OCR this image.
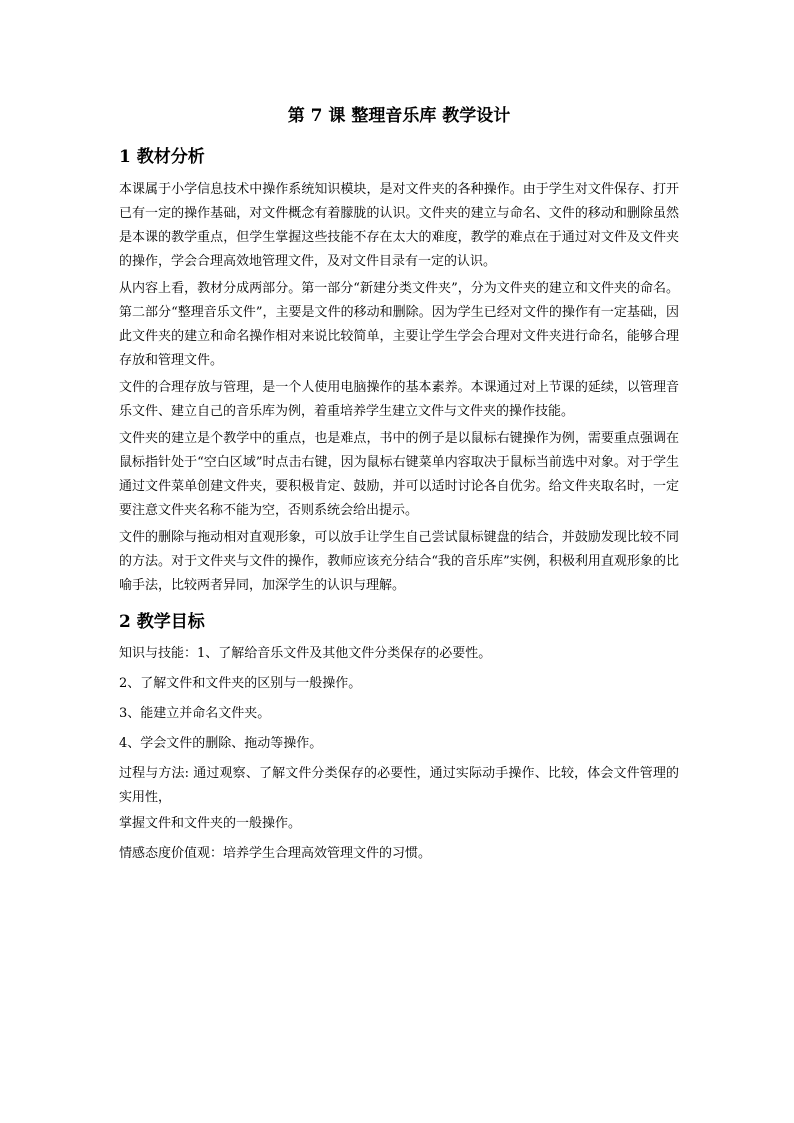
第 7 课 整理音乐库 教学设计
1 教材分析

本课属于小学信息技术中操作系统知识模块，是对文件夹的各种操作。由于学生对文件保存、打开已有一定的操作基础，对文件概念有着朦胧的认识。文件夹的建立与命名、文件的移动和删除虽然是本课的教学重点，但学生掌握这些技能不存在太大的难度，教学的难点在于通过对文件及文件夹的操作，学会合理高效地管理文件，及对文件目录有一定的认识。

从内容上看，教材分成两部分。第一部分“新建分类文件夹”，分为文件夹的建立和文件夹的命名。第二部分“整理音乐文件”，主要是文件的移动和删除。因为学生已经对文件的操作有一定基础，因此文件夹的建立和命名操作相对来说比较简单，主要让学生学会合理对文件夹进行命名，能够合理存放和管理文件。

文件的合理存放与管理，是一个人使用电脑操作的基本素养。本课通过对上节课的延续，以管理音乐文件、建立自己的音乐库为例，着重培养学生建立文件与文件夹的操作技能。

文件夹的建立是个教学中的重点，也是难点，书中的例子是以鼠标右键操作为例，需要重点强调在鼠标指针处于“空白区域”时点击右键，因为鼠标右键菜单内容取决于鼠标当前选中对象。对于学生通过文件菜单创建文件夹，要积极肯定、鼓励，并可以适时讨论各自优劣。给文件夹取名时，一定要注意文件夹名称不能为空，否则系统会给出提示。

文件的删除与拖动相对直观形象，可以放手让学生自己尝试鼠标键盘的结合，并鼓励发现比较不同的方法。对于文件夹与文件的操作，教师应该充分结合“我的音乐库”实例，积极利用直观形象的比喻手法，比较两者异同，加深学生的认识与理解。

2 教学目标

知识与技能：1、了解给音乐文件及其他文件分类保存的必要性。

2、了解文件和文件夹的区别与一般操作。

3、能建立并命名文件夹。

4、学会文件的删除、拖动等操作。

过程与方法: 通过观察、了解文件分类保存的必要性，通过实际动手操作、比较，体会文件管理的实用性，

掌握文件和文件夹的一般操作。

情感态度价值观：培养学生合理高效管理文件的习惯。
